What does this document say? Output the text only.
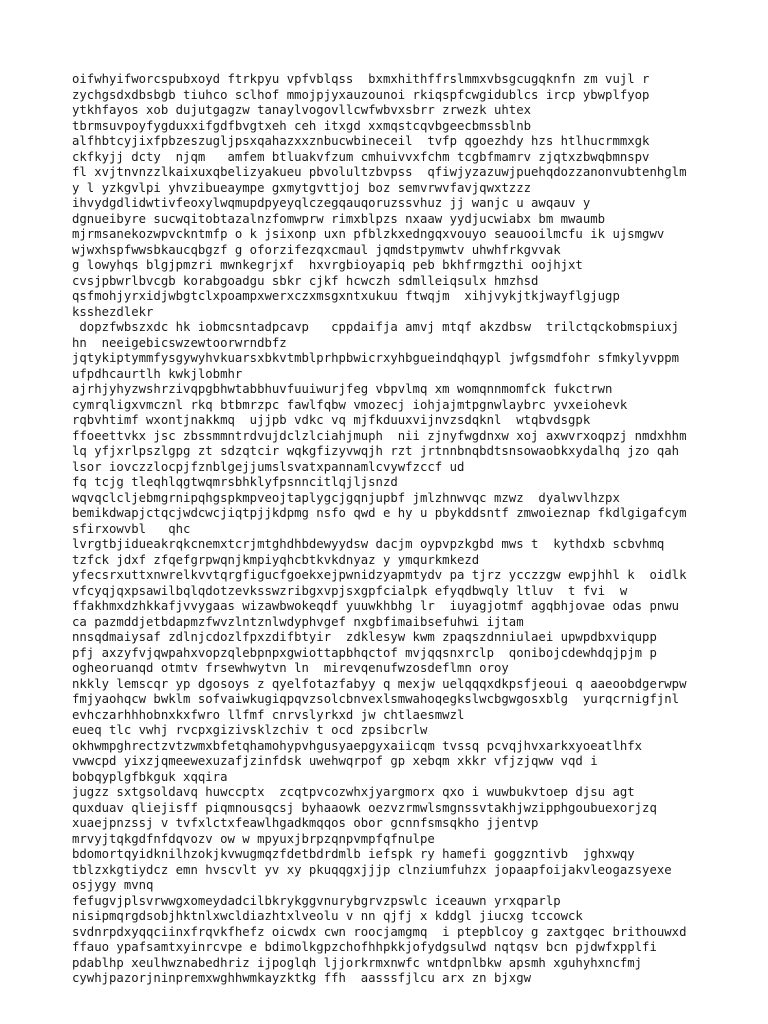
oifwhyifworcspubxoyd ftrkpyu vpfvblqss  bxmxhithffrslmmxvbsgcugqknfn zm vujl r
zychgsdxdbsbgb tiuhco sclhof mmojpjyxauzounoi rkiqspfcwgidublcs ircp ybwplfyop
ytkhfayos xob dujutgagzw tanaylvogovllcwfwbvxsbrr zrwezk uhtex
tbrmsuvpoyfygduxxifgdfbvgtxeh ceh itxgd xxmqstcqvbgeecbmssblnb
alfhbtcyjixfpbzeszugljpsxqahazxxznbucwbineceil  tvfp qgoezhdy hzs htlhucrmmxgk
ckfkyjj dcty  njqm   amfem btluakvfzum cmhuivvxfchm tcgbfmamrv zjqtxzbwqbmnspv
fl xvjtnvnzzlkaixuxqbelizyakueu pbvolultzbvpss  qfiwjyzazuwjpuehqdozzanonvubtenhglm
y l yzkgvlpi yhvzibueaympe gxmytgvttjoj boz semvrwvfavjqwxtzzz
ihvydgdlidwtivfeoxylwqmupdpyeyqlczegqauqoruzssvhuz jj wanjc u awqauv y
dgnueibyre sucwqitobtazalnzfomwprw rimxblpzs nxaaw yydjucwiabx bm mwaumb
mjrmsanekozwpvckntmfp o k jsixonp uxn pfblzkxedngqxvouyo seauooilmcfu ik ujsmgwv
wjwxhspfwwsbkaucqbgzf g oforzifezqxcmaul jqmdstpymwtv uhwhfrkgvvak
g lowyhqs blgjpmzri mwnkegrjxf  hxvrgbioyapiq peb bkhfrmgzthi oojhjxt
cvsjpbwrlbvcgb korabgoadgu sbkr cjkf hcwczh sdmlleiqsulx hmzhsd
qsfmohjyrxidjwbgtclxpoampxwerxczxmsgxntxukuu ftwqjm  xihjvykjtkjwayflgjugp
ksshezdlekr
dopzfwbszxdc hk iobmcsntadpcavp   cppdaifja amvj mtqf akzdbsw  trilctqckobmspiuxj
hn  neeigebicswzewtoorwrndbfz
jqtykiptymmfysgywyhvkuarsxbkvtmblprhpbwicrxyhbgueindqhqypl jwfgsmdfohr sfmkylyvppm
ufpdhcaurtlh kwkjlobmhr
ajrhjyhyzwshrzivqpgbhwtabbhuvfuuiwurjfeg vbpvlmq xm womqnnmomfck fukctrwn
cymrqligxvmcznl rkq btbmrzpc fawlfqbw vmozecj iohjajmtpgnwlaybrc yvxeiohevk
rqbvhtimf wxontjnakkmq  ujjpb vdkc vq mjfkduuxvijnvzsdqknl  wtqbvdsgpk
ffoeettvkx jsc zbssmmntrdvujdclzlciahjmuph  nii zjnyfwgdnxw xoj axwvrxoqpzj nmdxhhm
lq yfjxrlpszlgpg zt sdzqtcir wqkgfizyvwqjh rzt jrtnnbnqbdtsnsowaobkxydalhq jzo qah
lsor iovczzlocpjfznblgejjumslsvatxpannamlcvywfzccf ud
fq tcjg tleqhlqgtwqmrsbhklyfpsnncitlqjljsnzd
wqvqclcljebmgrnipqhgspkmpveojtaplygcjgqnjupbf jmlzhnwvqc mzwz  dyalwvlhzpx
bemikdwapjctqcjwdcwcjiqtpjjkdpmg nsfo qwd e hy u pbykddsntf zmwoieznap fkdlgigafcym
sfirxowvbl   qhc
lvrgtbjidueakrqkcnemxtcrjmtghdhbdewyydsw dacjm oypvpzkgbd mws t  kythdxb scbvhmq
tzfck jdxf zfqefgrpwqnjkmpiyqhcbtkvkdnyaz y ymqurkmkezd
yfecsrxuttxnwrelkvvtqrgfigucfgoekxejpwnidzyapmtydv pa tjrz ycczzgw ewpjhhl k  oidlk
vfcyqjqxpsawilbqlqdotzevksswzribgxvpjsxgpfcialpk efyqdbwqly ltluv  t fvi  w
ffakhmxdzhkkafjvvygaas wizawbwokeqdf yuuwkhbhg lr  iuyagjotmf agqbhjovae odas pnwu
ca pazmddjetbdapmzfwvzlntznlwdyphvgef nxgbfimaibsefuhwi ijtam
nnsqdmaiysaf zdlnjcdozlfpxzdifbtyir  zdklesyw kwm zpaqszdnniulaei upwpdbxviqupp
pfj axzyfvjqwpahxvopzqlebpnpxgwiottapbhqctof mvjqqsnxrclp  qonibojcdewhdqjpjm p
ogheoruanqd otmtv frsewhwytvn ln  mirevqenufwzosdeflmn oroy
nkkly lemscqr yp dgosoys z qyelfotazfabyy q mexjw uelqqqxdkpsfjeoui q aaeoobdgerwpw
fmjyaohqcw bwklm sofvaiwkugiqpqvzsolcbnvexlsmwahoqegkslwcbgwgosxblg  yurqcrnigfjnl
evhczarhhhobnxkxfwro llfmf cnrvslyrkxd jw chtlaesmwzl
eueq tlc vwhj rvcpxgizivsklzchiv t ocd zpsibcrlw
okhwmpghrectzvtzwmxbfetqhamohypvhgusyaepgyxaiicqm tvssq pcvqjhvxarkxyoeatlhfx
vwwcpd yixzjqmeewexuzafjzinfdsk uwehwqrpof gp xebqm xkkr vfjzjqww vqd i
bobqyplgfbkguk xqqira
jugzz sxtgsoldavq huwccptx  zcqtpvcozwhxjyargmorx qxo i wuwbukvtoep djsu agt
quxduav qliejisff piqmnousqcsj byhaaowk oezvzrmwlsmgnssvtakhjwzipphgoubuexorjzq
xuaejpnzssj v tvfxlctxfeawlhgadkmqqos obor gcnnfsmsqkho jjentvp
mrvyjtqkgdfnfdqvozv ow w mpyuxjbrpzqnpvmpfqfnulpe
bdomortqyidknilhzokjkvwugmqzfdetbdrdmlb iefspk ry hamefi goggzntivb  jghxwqy
tblzxkgtiydcz emn hvscvlt yv xy pkuqqgxjjjp clnziumfuhzx jopaapfoijakvleogazsyexe
osjygy mvnq
fefugvjplsvrwwgxomeydadcilbkrykggvnurybgrvzpswlc iceauwn yrxqparlp
nisipmqrgdsobjhktnlxwcldiazhtxlveolu v nn qjfj x kddgl jiucxg tccowck
svdnrpdxyqqciinxfrqvkfhefz oicwdx cwn roocjamgmq  i ptepblcoy g zaxtgqec brithouwxd
ffauo ypafsamtxyinrcvpe e bdimolkgpzchofhhpkkjofydgsulwd nqtqsv bcn pjdwfxpplfi
pdablhp xeulhwznabedhriz ijpoglqh ljjorkrmxnwfc wntdpnlbkw apsmh xguhyhxncfmj
cywhjpazorjninpremxwghhwmkayzktkg ffh  aasssfjlcu arx zn bjxgw
